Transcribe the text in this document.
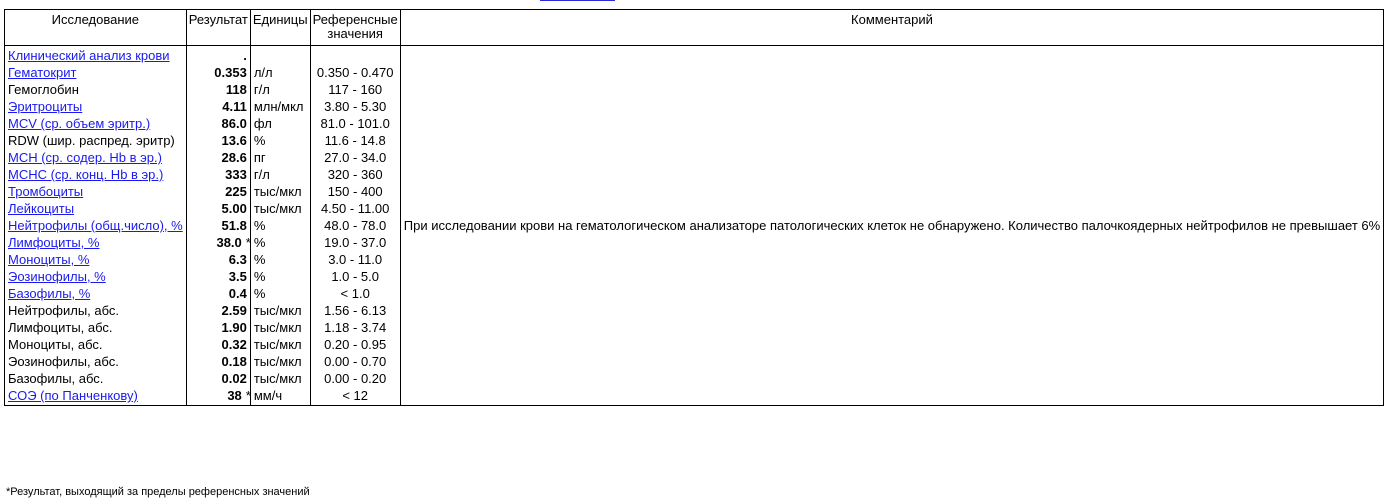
Исследование	Результат	Единицы	Референсные значения	Комментарий
Клинический анализ крови	.			
Гематокрит	0.353	л/л	0.350 - 0.470	
Гемоглобин	118	г/л	117 - 160	
Эритроциты	4.11	млн/мкл	3.80 - 5.30	
MCV (ср. объем эритр.)	86.0	фл	81.0 - 101.0	
RDW (шир. распред. эритр)	13.6	%	11.6 - 14.8	
MCH (ср. содер. Hb в эр.)	28.6	пг	27.0 - 34.0	
MCHC (ср. конц. Hb в эр.)	333	г/л	320 - 360	
Тромбоциты	225	тыс/мкл	150 - 400	
Лейкоциты	5.00	тыс/мкл	4.50 - 11.00	
Нейтрофилы (общ.число), %	51.8	%	48.0 - 78.0	При исследовании крови на гематологическом анализаторе патологических клеток не обнаружено. Количество палочкоядерных нейтрофилов не превышает 6%
Лимфоциты, %	38.0 *	%	19.0 - 37.0	
Моноциты, %	6.3	%	3.0 - 11.0	
Эозинофилы, %	3.5	%	1.0 - 5.0	
Базофилы, %	0.4	%	< 1.0	
Нейтрофилы, абс.	2.59	тыс/мкл	1.56 - 6.13	
Лимфоциты, абс.	1.90	тыс/мкл	1.18 - 3.74	
Моноциты, абс.	0.32	тыс/мкл	0.20 - 0.95	
Эозинофилы, абс.	0.18	тыс/мкл	0.00 - 0.70	
Базофилы, абс.	0.02	тыс/мкл	0.00 - 0.20	
СОЭ (по Панченкову)	38 *	мм/ч	< 12	
*Результат, выходящий за пределы референсных значений
